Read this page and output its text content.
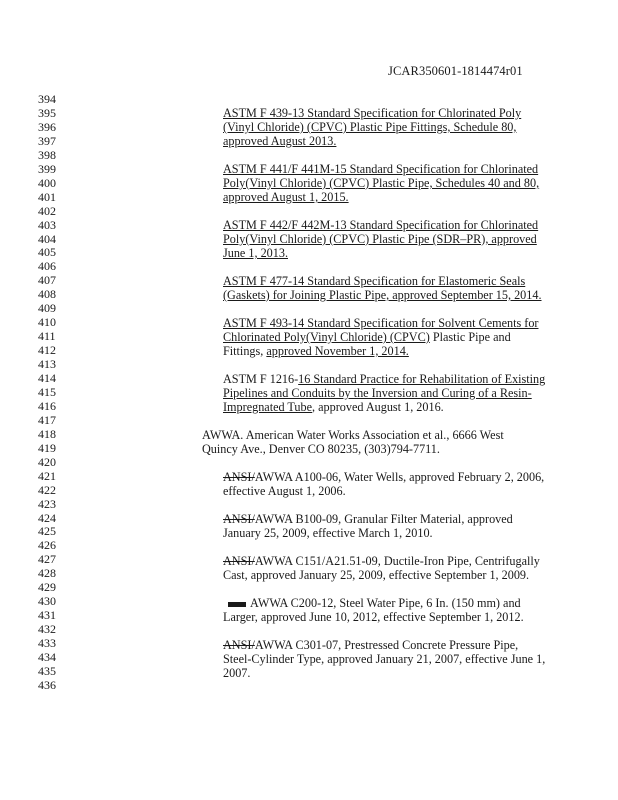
JCAR350601-1814474r01
394
395
396
397
398
399
400
401
402
403
404
405
406
407
408
409
410
411
412
413
414
415
416
417
418
419
420
421
422
423
424
425
426
427
428
429
430
431
432
433
434
435
436
ASTM F 439-13 Standard Specification for Chlorinated Poly
(Vinyl Chloride) (CPVC) Plastic Pipe Fittings, Schedule 80,
approved August 2013.
ASTM F 441/F 441M-15 Standard Specification for Chlorinated
Poly(Vinyl Chloride) (CPVC) Plastic Pipe, Schedules 40 and 80,
approved August 1, 2015.
ASTM F 442/F 442M-13 Standard Specification for Chlorinated
Poly(Vinyl Chloride) (CPVC) Plastic Pipe (SDR–PR), approved
June 1, 2013.
ASTM F 477-14 Standard Specification for Elastomeric Seals
(Gaskets) for Joining Plastic Pipe, approved September 15, 2014.
ASTM F 493-14 Standard Specification for Solvent Cements for
Chlorinated Poly(Vinyl Chloride) (CPVC) Plastic Pipe and
Fittings, approved November 1, 2014.
ASTM F 1216-16 Standard Practice for Rehabilitation of Existing
Pipelines and Conduits by the Inversion and Curing of a Resin-
Impregnated Tube, approved August 1, 2016.
AWWA. American Water Works Association et al., 6666 West
Quincy Ave., Denver CO 80235, (303)794-7711.
ANSI/AWWA A100-06, Water Wells, approved February 2, 2006,
effective August 1, 2006.
ANSI/AWWA B100-09, Granular Filter Material, approved
January 25, 2009, effective March 1, 2010.
ANSI/AWWA C151/A21.51-09, Ductile-Iron Pipe, Centrifugally
Cast, approved January 25, 2009, effective September 1, 2009.
AWWA C200-12, Steel Water Pipe, 6 In. (150 mm) and
Larger, approved June 10, 2012, effective September 1, 2012.
ANSI/AWWA C301-07, Prestressed Concrete Pressure Pipe,
Steel-Cylinder Type, approved January 21, 2007, effective June 1,
2007.
